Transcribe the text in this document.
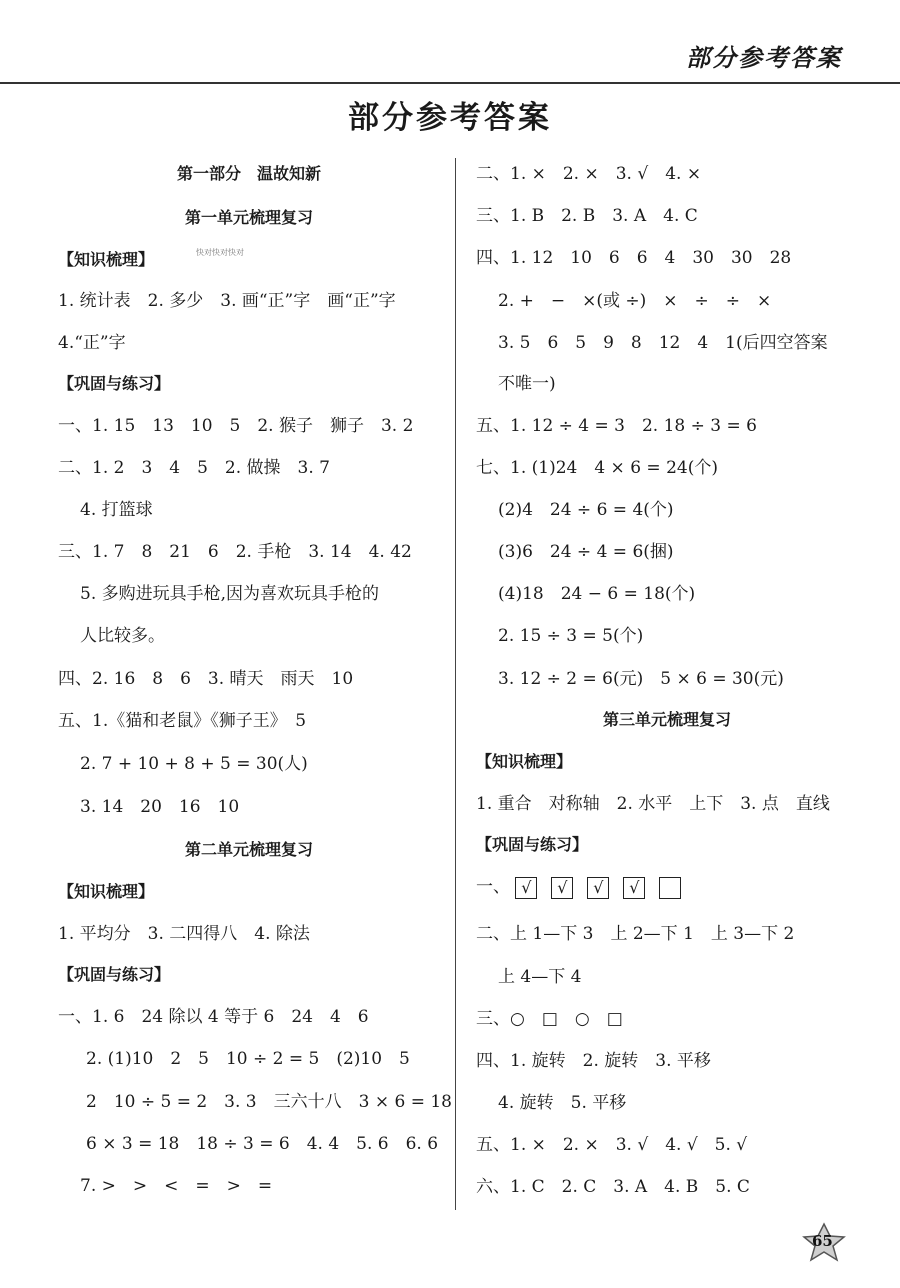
部分参考答案
部分参考答案
第一部分　温故知新
第一单元梳理复习
【知识梳理】
1. 统计表　2. 多少　3. 画“正”字　画“正”字
4.“正”字
【巩固与练习】
一、1. 15　13　10　5　2. 猴子　狮子　3. 2
二、1. 2　3　4　5　2. 做操　3. 7
4. 打篮球
三、1. 7　8　21　6　2. 手枪　3. 14　4. 42
5. 多购进玩具手枪,因为喜欢玩具手枪的
人比较多。
四、2. 16　8　6　3. 晴天　雨天　10
五、1.《猫和老鼠》《狮子王》　5
2. 7 + 10 + 8 + 5 = 30(人)
3. 14　20　16　10
第二单元梳理复习
【知识梳理】
1. 平均分　3. 二四得八　4. 除法
【巩固与练习】
一、1. 6　24 除以 4 等于 6　24　4　6
2. (1)10　2　5　10 ÷ 2 = 5　(2)10　5
2　10 ÷ 5 = 2　3. 3　三六十八　3 × 6 = 18
6 × 3 = 18　18 ÷ 3 = 6　4. 4　5. 6　6. 6
7. >　>　<　=　>　=
一、 √ √ √ √
二、1. ×　2. ×　3. √　4. ×
三、1. B　2. B　3. A　4. C
四、1. 12　10　6　6　4　30　30　28
2. +　−　×(或 ÷)　×　÷　÷　×
3. 5　6　5　9　8　12　4　1(后四空答案
不唯一)
五、1. 12 ÷ 4 = 3　2. 18 ÷ 3 = 6
七、1. (1)24　4 × 6 = 24(个)
(2)4　24 ÷ 6 = 4(个)
(3)6　24 ÷ 4 = 6(捆)
(4)18　24 − 6 = 18(个)
2. 15 ÷ 3 = 5(个)
3. 12 ÷ 2 = 6(元)　5 × 6 = 30(元)
第三单元梳理复习
【知识梳理】
1. 重合　对称轴　2. 水平　上下　3. 点　直线
【巩固与练习】
二、上 1—下 3　上 2—下 1　上 3—下 2
上 4—下 4
三、○　□　○　□
四、1. 旋转　2. 旋转　3. 平移
4. 旋转　5. 平移
五、1. ×　2. ×　3. √　4. √　5. √
六、1. C　2. C　3. A　4. B　5. C
快对快对快对
65
